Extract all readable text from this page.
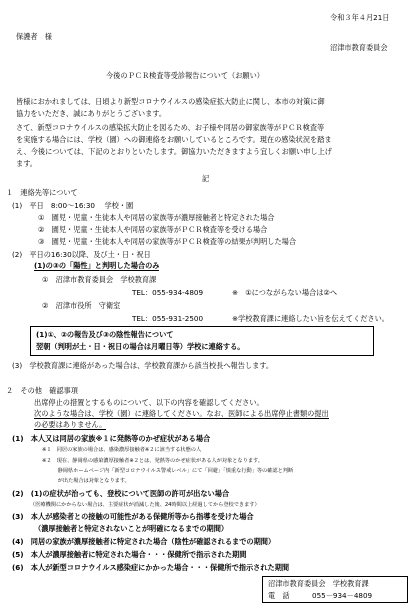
令和３年４月21日
保護者　様
沼津市教育委員会
今後のＰＣＲ検査等受診報告について（お願い）
皆様におかれましては、日頃より新型コロナウイルスの感染症拡大防止に関し、本市の対策に御
協力をいただき、誠にありがとうございます。
さて、新型コロナウイルスの感染拡大防止を図るため、お子様や同居の御家族等がＰＣＲ検査等
を実施する場合には、学校（園）への御連絡をお願いしているところです。現在の感染状況を踏ま
え、今後については、下記のとおりといたします。御協力いただきますよう宜しくお願い申し上げ
ます。
記
１　連絡先等について
(1)　平日　8:00～16:30　 学校・園
①　園児・児童・生徒本人や同居の家族等が濃厚接触者と特定された場合
②　園児・児童・生徒本人や同居の家族等がＰＣＲ検査等を受ける場合
③　園児・児童・生徒本人や同居の家族等がＰＣＲ検査等の結果が判明した場合
(2)　平日の16:30以降、及び土・日・祝日
(1)の③の「陽性」と判明した場合のみ
①　沼津市教育委員会　学校教育課
TEL：055-934-4809	※　①につながらない場合は②へ
②　沼津市役所　守衛室
TEL：055-931-2500	※学校教育課に連絡したい旨を伝えてください。
(1)①、②の報告及び③の陰性報告について
翌朝（判明が土・日・祝日の場合は月曜日等）学校に連絡する。
(3)　学校教育課に連絡があった場合は、学校教育課から該当校長へ報告します。
２　その他　確認事項
出席停止の措置とするものについて、以下の内容を確認してください。
次のような場合は、学校（園）に連絡してください。なお、医師による出席停止書類の提出
の必要はありません。
(1)　本人又は同居の家族※１に発熱等のかぜ症状がある場合
※１　同居の家族の場合は、感染濃厚接触者※２に該当する状態の人
※２　現在、静岡県の感染濃厚接触者※２とは、発熱等のかぜ症状がある人が対象となります。
　　　静岡県ホームページ内「新型コロナウイルス警戒レベル」にて「回避」「慎重な行動」等の確認と判断
　　　が出た場合は対象となります。
(2)　(1)の症状が治っても、登校について医師の許可が出ない場合
（医療機関にかからない場合は、主要症状が消滅した後、24時間以上経過してから登校できます）
(3)　本人が感染者との接触の可能性がある保健所等から指導を受けた場合
（濃厚接触者と特定されないことが明確になるまでの期間）
(4)　同居の家族が濃厚接触者に特定された場合（陰性が確認されるまでの期間）
(5)　本人が濃厚接触者に特定された場合・・・保健所で指示された期間
(6)　本人が新型コロナウイルス感染症にかかった場合・・・保健所で指示された期間
沼津市教育委員会　学校教育課
電　話	055－934－4809
